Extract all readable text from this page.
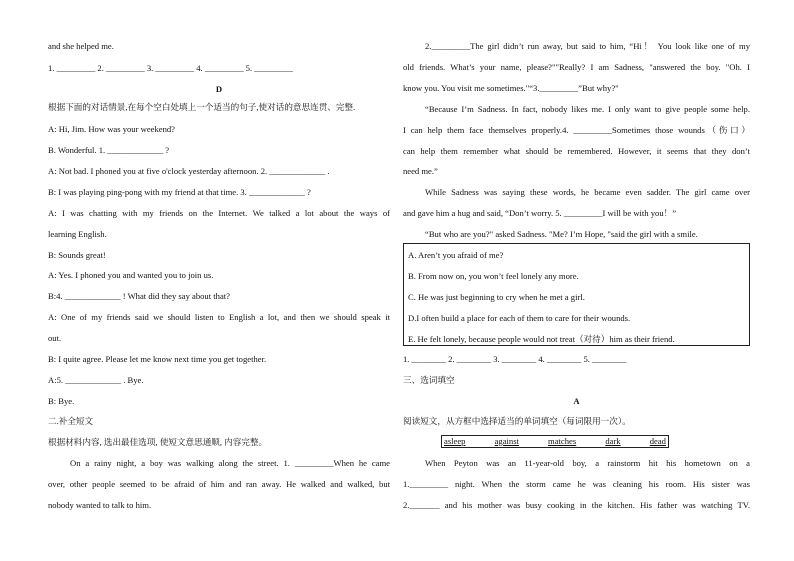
and she helped me.
1. _________ 2. _________ 3. _________ 4. _________ 5. _________
D
根据下面的对话情景,在每个空白处填上一个适当的句子,使对话的意思连贯、完整.
A: Hi, Jim. How was your weekend?
B. Wonderful. 1. _____________ ?
A: Not bad. I phoned you at five o'clock yesterday afternoon. 2. _____________ .
B: I was playing ping-pong with my friend at that time. 3. _____________ ?
A: I was chatting with my friends on the Internet. We talked a lot about the ways of
learning English.
B: Sounds great!
A: Yes. I phoned you and wanted you to join us.
B:4. _____________ ! What did they say about that?
A: One of my friends said we should listen to English a lot, and then we should speak it
out.
B: I quite agree. Please let me know next time you get together.
A:5. _____________ . Bye.
B: Bye.
二.补全短文
根据材料内容, 选出最佳选项, 使短文意思通顺, 内容完整。
On a rainy night, a boy was walking along the street. 1. _________When he came
over, other people seemed to be afraid of him and ran away. He walked and walked, but
nobody wanted to talk to him.
2._________The girl didn’t run away, but said to him, “Hi！ You look like one of my
old friends. What’s your name, please?""Really? I am Sadness, "answered the boy. "Oh. I
know you. You visit me sometimes."“3._________”But why?"
“Because I’m Sadness. In fact, nobody likes me. I only want to give people some help.
I can help them face themselves properly.4. _________Sometimes those wounds（伤口）
can help them remember what should be remembered. However, it seems that they don’t
need me.”
While Sadness was saying these words, he became even sadder. The girl came over
and gave him a hug and said, “Don’t worry. 5. _________I will be with you！”
“But who are you?" asked Sadness. "Me? I’m Hope, "said the girl with a smile.
A. Aren’t you afraid of me?
B. From now on, you won’t feel lonely any more.
C. He was just beginning to cry when he met a girl.
D.I often build a place for each of them to care for their wounds.
E. He felt lonely, because people would not treat（对待）him as their friend.
1. ________ 2. ________ 3. ________ 4. ________ 5. ________
三、选词填空
A
阅读短文，从方框中选择适当的单词填空（每词限用一次）。
asleep	against	matches	dark	dead
When Peyton was an 11-year-old boy, a rainstorm hit his hometown on a
1._________ night. When the storm came he was cleaning his room. His sister was
2._______ and his mother was busy cooking in the kitchen. His father was watching TV.
